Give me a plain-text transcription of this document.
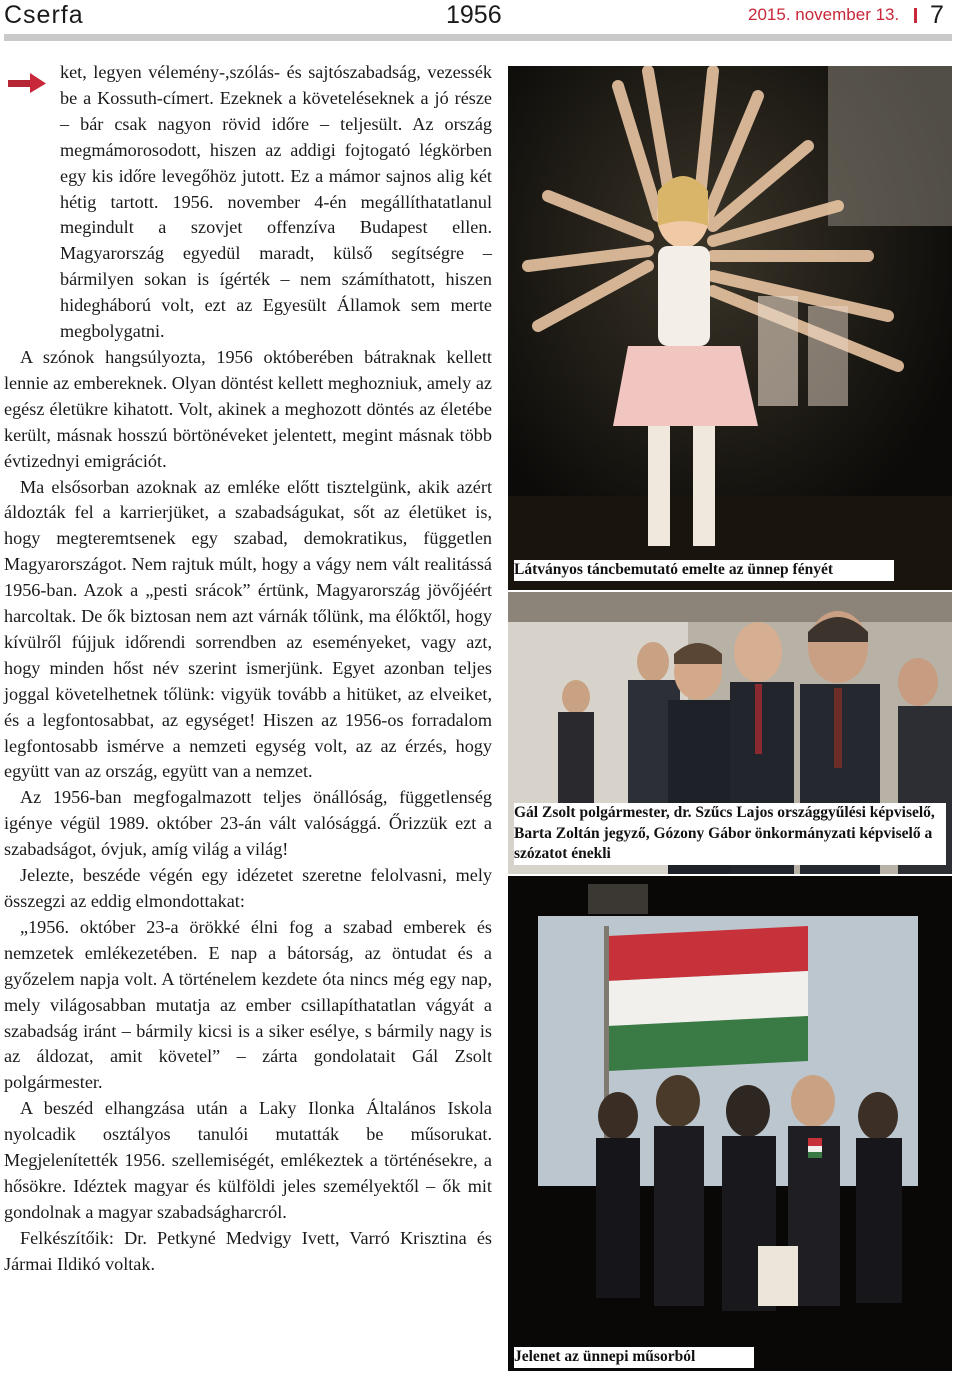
Cserfa	1956	2015. november 13. 7

ket, legyen vélemény-,szólás- és sajtószabadság, vezessék be a Kossuth-címert. Ezeknek a követeléseknek a jó része – bár csak nagyon rövid időre – teljesült. Az ország megmámorosodott, hiszen az addigi fojtogató légkörben egy kis időre levegőhöz jutott. Ez a mámor sajnos alig két hétig tartott. 1956. november 4-én megállíthatatlanul megindult a szovjet offenzíva Budapest ellen. Magyarország egyedül maradt, külső segítségre – bármilyen sokan is ígérték – nem számíthatott, hiszen hidegháború volt, ezt az Egyesült Államok sem merte megbolygatni.

A szónok hangsúlyozta, 1956 októberében bátraknak kellett lennie az embereknek. Olyan döntést kellett meghozniuk, amely az egész életükre kihatott. Volt, akinek a meghozott döntés az életébe került, másnak hosszú börtönéveket jelentett, megint másnak több évtizednyi emigrációt.

Ma elsősorban azoknak az emléke előtt tisztelgünk, akik azért áldozták fel a karrierjüket, a szabadságukat, sőt az életüket is, hogy megteremtsenek egy szabad, demokratikus, független Magyarországot. Nem rajtuk múlt, hogy a vágy nem vált realitássá 1956-ban. Azok a „pesti srácok” értünk, Magyarország jövőjéért harcoltak. De ők biztosan nem azt várnák tőlünk, ma élőktől, hogy kívülről fújjuk időrendi sorrendben az eseményeket, vagy azt, hogy minden hőst név szerint ismerjünk. Egyet azonban teljes joggal követelhetnek tőlünk: vigyük tovább a hitüket, az elveiket, és a legfontosabbat, az egységet! Hiszen az 1956-os forradalom legfontosabb ismérve a nemzeti egység volt, az az érzés, hogy együtt van az ország, együtt van a nemzet.

Az 1956-ban megfogalmazott teljes önállóság, függetlenség igénye végül 1989. október 23-án vált valósággá. Őrizzük ezt a szabadságot, óvjuk, amíg világ a világ!

Jelezte, beszéde végén egy idézetet szeretne felolvasni, mely összegzi az eddig elmondottakat:

„1956. október 23-a örökké élni fog a szabad emberek és nemzetek emlékezetében. E nap a bátorság, az öntudat és a győzelem napja volt. A történelem kezdete óta nincs még egy nap, mely világosabban mutatja az ember csillapíthatatlan vágyát a szabadság iránt – bármily kicsi is a siker esélye, s bármily nagy is az áldozat, amit követel” – zárta gondolatait Gál Zsolt polgármester.

A beszéd elhangzása után a Laky Ilonka Általános Iskola nyolcadik osztályos tanulói mutatták be műsorukat. Megjelenítették 1956. szellemiségét, emlékeztek a történésekre, a hősökre. Idéztek magyar és külföldi jeles személyektől – ők mit gondolnak a magyar szabadságharcról.

Felkészítőik: Dr. Petkyné Medvigy Ivett, Varró Krisztina és Jármai Ildikó voltak.

Látványos táncbemutató emelte az ünnep fényét
Gál Zsolt polgármester, dr. Szűcs Lajos országgyűlési képviselő, Barta Zoltán jegyző, Gózony Gábor önkormányzati képviselő a szózatot énekli
Jelenet az ünnepi műsorból
